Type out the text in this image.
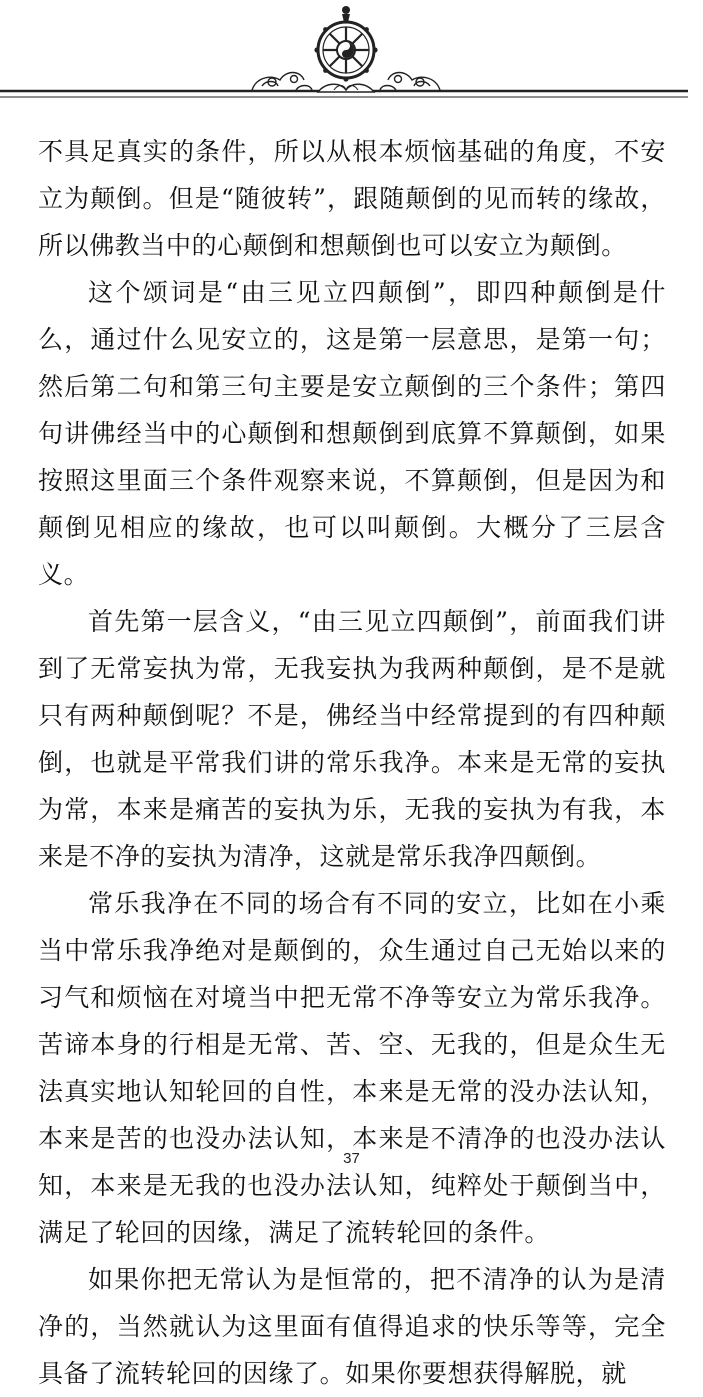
不具足真实的条件，所以从根本烦恼基础的角度，不安立为颠倒。但是“随彼转”，跟随颠倒的见而转的缘故，所以佛教当中的心颠倒和想颠倒也可以安立为颠倒。

这个颂词是“由三见立四颠倒”，即四种颠倒是什么，通过什么见安立的，这是第一层意思，是第一句；然后第二句和第三句主要是安立颠倒的三个条件；第四句讲佛经当中的心颠倒和想颠倒到底算不算颠倒，如果按照这里面三个条件观察来说，不算颠倒，但是因为和颠倒见相应的缘故，也可以叫颠倒。大概分了三层含义。

首先第一层含义，“由三见立四颠倒”，前面我们讲到了无常妄执为常，无我妄执为我两种颠倒，是不是就只有两种颠倒呢？不是，佛经当中经常提到的有四种颠倒，也就是平常我们讲的常乐我净。本来是无常的妄执为常，本来是痛苦的妄执为乐，无我的妄执为有我，本来是不净的妄执为清净，这就是常乐我净四颠倒。

常乐我净在不同的场合有不同的安立，比如在小乘当中常乐我净绝对是颠倒的，众生通过自己无始以来的习气和烦恼在对境当中把无常不净等安立为常乐我净。苦谛本身的行相是无常、苦、空、无我的，但是众生无法真实地认知轮回的自性，本来是无常的没办法认知，本来是苦的也没办法认知，本来是不清净的也没办法认知，本来是无我的也没办法认知，纯粹处于颠倒当中，满足了轮回的因缘，满足了流转轮回的条件。

如果你把无常认为是恒常的，把不清净的认为是清净的，当然就认为这里面有值得追求的快乐等等，完全具备了流转轮回的因缘了。如果你要想获得解脱，就

37
